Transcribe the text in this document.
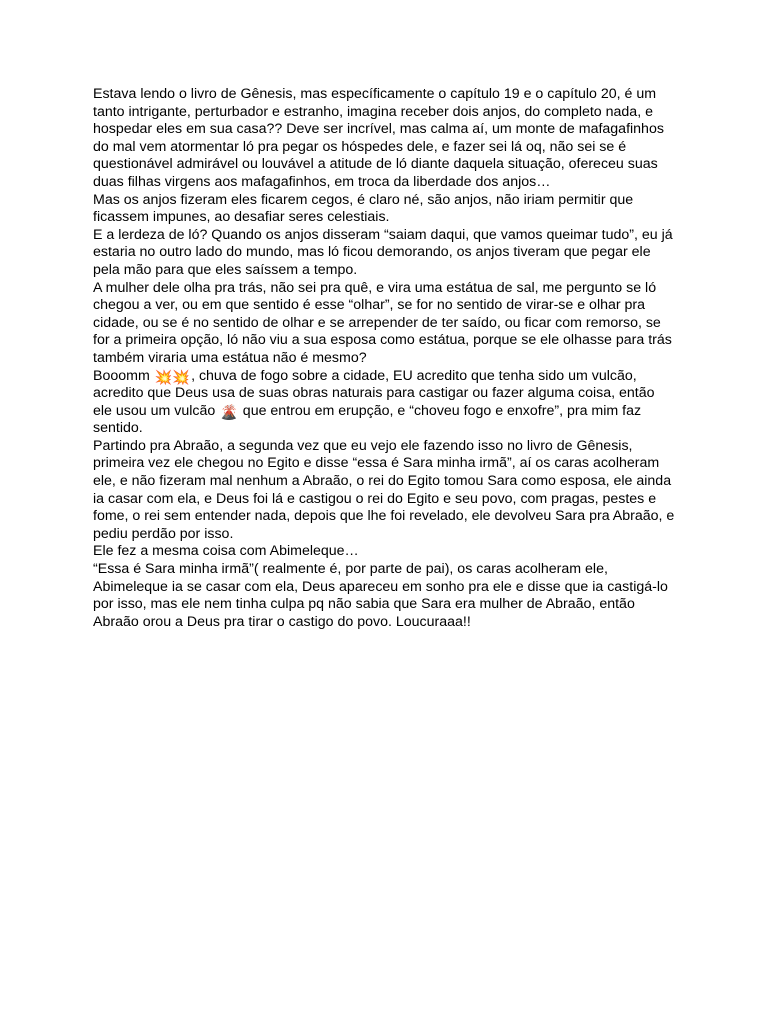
Estava lendo o livro de Gênesis, mas específicamente o capítulo 19 e o capítulo 20, é um
tanto intrigante, perturbador e estranho, imagina receber dois anjos, do completo nada, e
hospedar eles em sua casa?? Deve ser incrível, mas calma aí, um monte de mafagafinhos
do mal vem atormentar ló pra pegar os hóspedes dele, e fazer sei lá oq, não sei se é
questionável admirável ou louvável a atitude de ló diante daquela situação, ofereceu suas
duas filhas virgens aos mafagafinhos, em troca da liberdade dos anjos…
Mas os anjos fizeram eles ficarem cegos, é claro né, são anjos, não iriam permitir que
ficassem impunes, ao desafiar seres celestiais.
E a lerdeza de ló? Quando os anjos disseram “saiam daqui, que vamos queimar tudo”, eu já
estaria no outro lado do mundo, mas ló ficou demorando, os anjos tiveram que pegar ele
pela mão para que eles saíssem a tempo.
A mulher dele olha pra trás, não sei pra quê, e vira uma estátua de sal, me pergunto se ló
chegou a ver, ou em que sentido é esse “olhar”, se for no sentido de virar-se e olhar pra
cidade, ou se é no sentido de olhar e se arrepender de ter saído, ou ficar com remorso, se
for a primeira opção, ló não viu a sua esposa como estátua, porque se ele olhasse para trás
também viraria uma estátua não é mesmo?
Booomm 💥💥, chuva de fogo sobre a cidade, EU acredito que tenha sido um vulcão,
acredito que Deus usa de suas obras naturais para castigar ou fazer alguma coisa, então
ele usou um vulcão 🌋 que entrou em erupção, e “choveu fogo e enxofre”, pra mim faz
sentido.
Partindo pra Abraão, a segunda vez que eu vejo ele fazendo isso no livro de Gênesis,
primeira vez ele chegou no Egito e disse “essa é Sara minha irmã”, aí os caras acolheram
ele, e não fizeram mal nenhum a Abraão, o rei do Egito tomou Sara como esposa, ele ainda
ia casar com ela, e Deus foi lá e castigou o rei do Egito e seu povo, com pragas, pestes e
fome, o rei sem entender nada, depois que lhe foi revelado, ele devolveu Sara pra Abraão, e
pediu perdão por isso.
Ele fez a mesma coisa com Abimeleque…
“Essa é Sara minha irmã”( realmente é, por parte de pai), os caras acolheram ele,
Abimeleque ia se casar com ela, Deus apareceu em sonho pra ele e disse que ia castigá-lo
por isso, mas ele nem tinha culpa pq não sabia que Sara era mulher de Abraão, então
Abraão orou a Deus pra tirar o castigo do povo. Loucuraaa!!
